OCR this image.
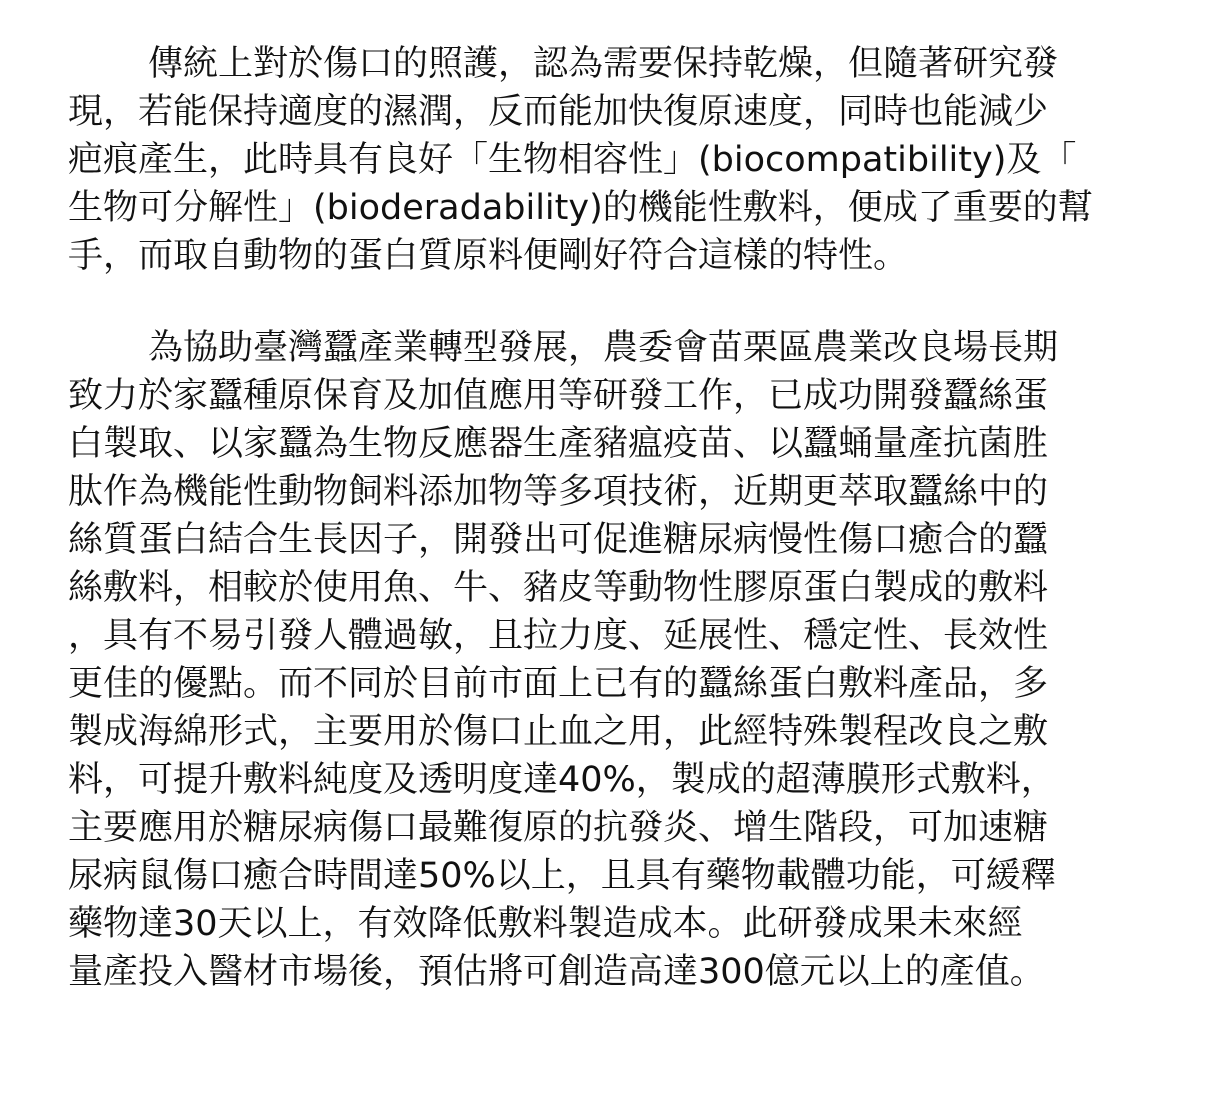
傳統上對於傷口的照護，認為需要保持乾燥，但隨著研究發
現，若能保持適度的濕潤，反而能加快復原速度，同時也能減少
疤痕產生，此時具有良好「生物相容性」(biocompatibility)及「
生物可分解性」(bioderadability)的機能性敷料，便成了重要的幫
手，而取自動物的蛋白質原料便剛好符合這樣的特性。
為協助臺灣蠶產業轉型發展，農委會苗栗區農業改良場長期
致力於家蠶種原保育及加值應用等研發工作，已成功開發蠶絲蛋
白製取、以家蠶為生物反應器生產豬瘟疫苗、以蠶蛹量產抗菌胜
肽作為機能性動物飼料添加物等多項技術，近期更萃取蠶絲中的
絲質蛋白結合生長因子，開發出可促進糖尿病慢性傷口癒合的蠶
絲敷料，相較於使用魚、牛、豬皮等動物性膠原蛋白製成的敷料
，具有不易引發人體過敏，且拉力度、延展性、穩定性、長效性
更佳的優點。而不同於目前市面上已有的蠶絲蛋白敷料產品，多
製成海綿形式，主要用於傷口止血之用，此經特殊製程改良之敷
料，可提升敷料純度及透明度達40%，製成的超薄膜形式敷料，
主要應用於糖尿病傷口最難復原的抗發炎、增生階段，可加速糖
尿病鼠傷口癒合時間達50%以上，且具有藥物載體功能，可緩釋
藥物達30天以上，有效降低敷料製造成本。此研發成果未來經
量產投入醫材市場後，預估將可創造高達300億元以上的產值。
